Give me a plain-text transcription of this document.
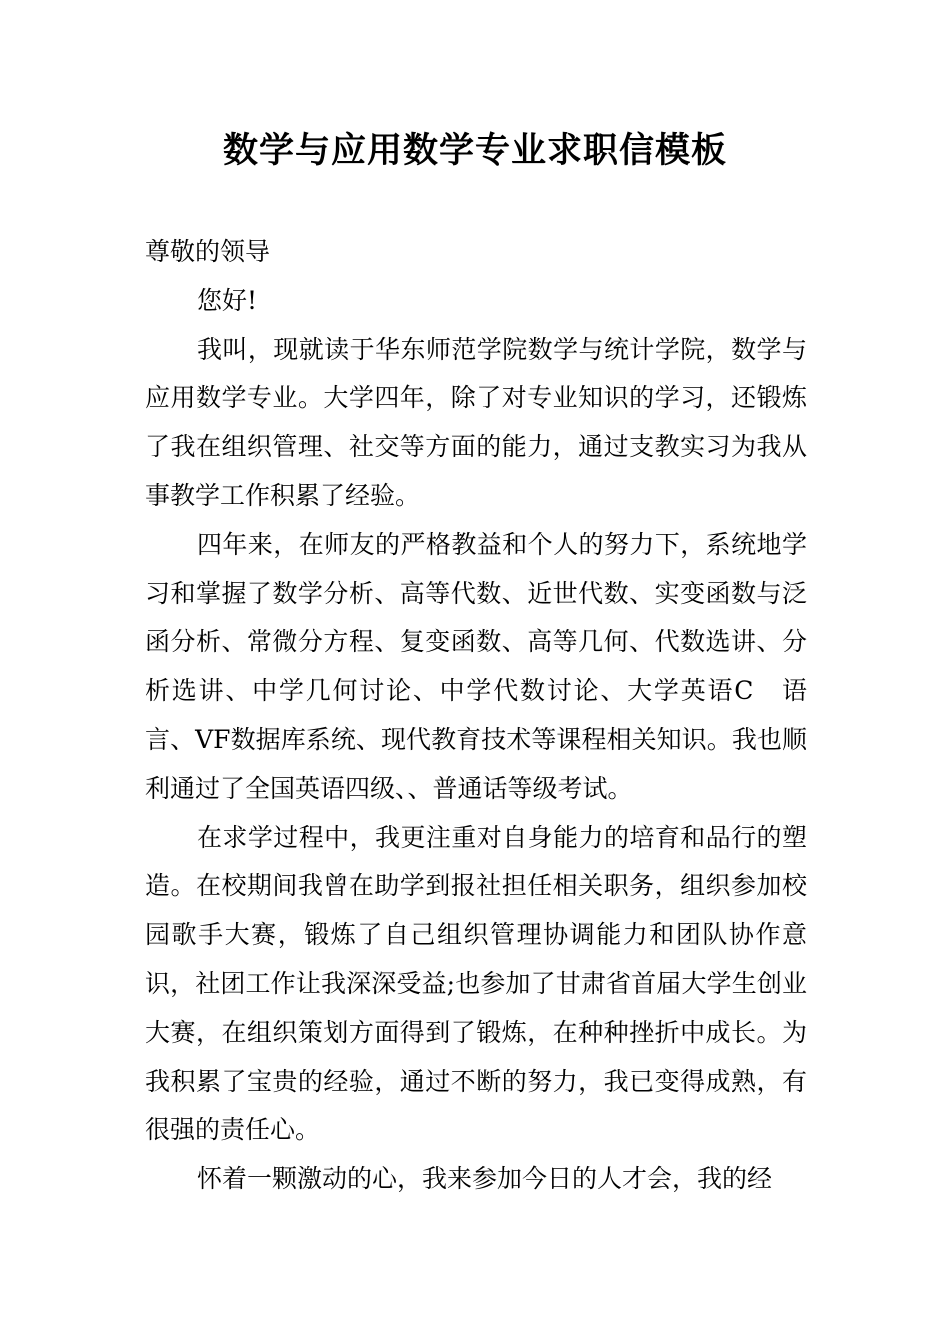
数学与应用数学专业求职信模板

尊敬的领导

您好!

我叫，现就读于华东师范学院数学与统计学院，数学与应用数学专业。大学四年，除了对专业知识的学习，还锻炼了我在组织管理、社交等方面的能力，通过支教实习为我从事教学工作积累了经验。

四年来，在师友的严格教益和个人的努力下，系统地学习和掌握了数学分析、高等代数、近世代数、实变函数与泛函分析、常微分方程、复变函数、高等几何、代数选讲、分析选讲、中学几何讨论、中学代数讨论、大学英语C　语言、VF数据库系统、现代教育技术等课程相关知识。我也顺利通过了全国英语四级、、普通话等级考试。

在求学过程中，我更注重对自身能力的培育和品行的塑造。在校期间我曾在助学到报社担任相关职务，组织参加校园歌手大赛，锻炼了自己组织管理协调能力和团队协作意识，社团工作让我深深受益;也参加了甘肃省首届大学生创业大赛，在组织策划方面得到了锻炼，在种种挫折中成长。为我积累了宝贵的经验，通过不断的努力，我已变得成熟，有很强的责任心。

怀着一颗激动的心，我来参加今日的人才会，我的经
